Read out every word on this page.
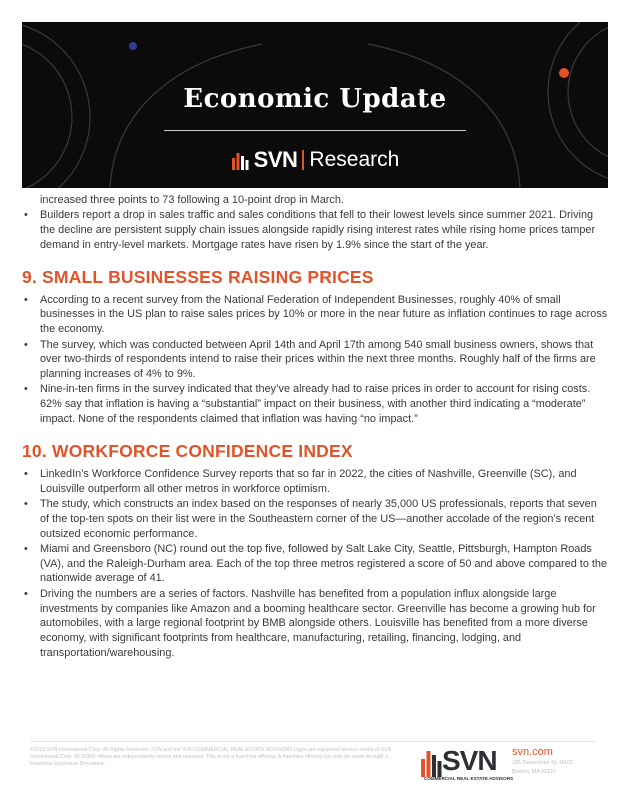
Economic Update
SVN Research
increased three points to 73 following a 10-point drop in March.
• Builders report a drop in sales traffic and sales conditions that fell to their lowest levels since summer 2021. Driving the decline are persistent supply chain issues alongside rapidly rising interest rates while rising home prices tamper demand in entry-level markets. Mortgage rates have risen by 1.9% since the start of the year.
9. SMALL BUSINESSES RAISING PRICES
• According to a recent survey from the National Federation of Independent Businesses, roughly 40% of small businesses in the US plan to raise sales prices by 10% or more in the near future as inflation continues to rage across the economy.
• The survey, which was conducted between April 14th and April 17th among 540 small business owners, shows that over two-thirds of respondents intend to raise their prices within the next three months. Roughly half of the firms are planning increases of 4% to 9%.
• Nine-in-ten firms in the survey indicated that they’ve already had to raise prices in order to account for rising costs. 62% say that inflation is having a “substantial” impact on their business, with another third indicating a “moderate” impact. None of the respondents claimed that inflation was having “no impact.”
10. WORKFORCE CONFIDENCE INDEX
• LinkedIn’s Workforce Confidence Survey reports that so far in 2022, the cities of Nashville, Greenville (SC), and Louisville outperform all other metros in workforce optimism.
• The study, which constructs an index based on the responses of nearly 35,000 US professionals, reports that seven of the top-ten spots on their list were in the Southeastern corner of the US—another accolade of the region’s recent outsized economic performance.
• Miami and Greensboro (NC) round out the top five, followed by Salt Lake City, Seattle, Pittsburgh, Hampton Roads (VA), and the Raleigh-Durham area. Each of the top three metros registered a score of 50 and above compared to the nationwide average of 41.
• Driving the numbers are a series of factors. Nashville has benefited from a population influx alongside large investments by companies like Amazon and a booming healthcare sector. Greenville has become a growing hub for automobiles, with a large regional footprint by BMB alongside others. Louisville has benefited from a more diverse economy, with significant footprints from healthcare, manufacturing, retailing, financing, lodging, and transportation/warehousing.
©2022 SVN International Corp. All Rights Reserved. SVN and the SVN COMMERCIAL REAL ESTATE ADVISORS logos are registered service marks of SVN International Corp. All SVN® offices are independently owned and operated. This is not a franchise offering. A franchise offering can only be made through a Franchise Disclosure Document.	SVN
COMMERCIAL REAL ESTATE ADVISORS
svn.com
185 Devonshire St, M102
Boston, MA 02110
